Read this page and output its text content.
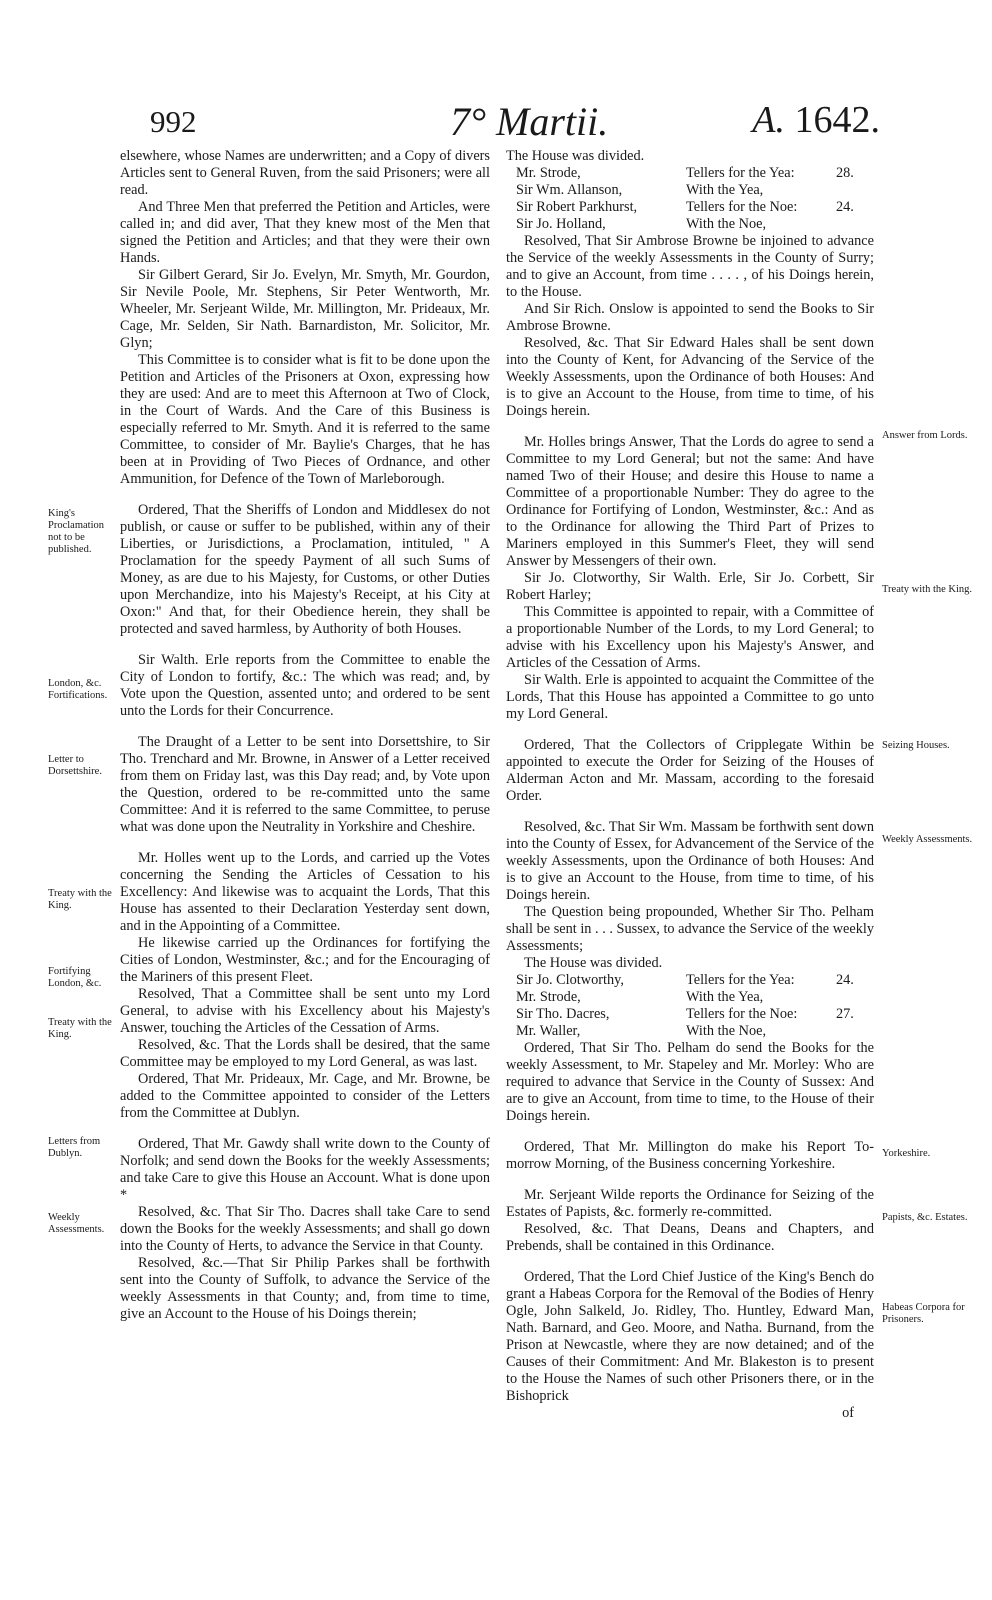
992	7° Martii.	A. 1642.
King's Proclamation not to be published.
London, &c. Fortifications.
Letter to Dorsettshire.
Treaty with the King.
Fortifying London, &c.
Treaty with the King.
Letters from Dublyn.
Weekly Assessments.
Answer from Lords.
Treaty with the King.
Seizing Houses.
Weekly Assessments.
Yorkeshire.
Papists, &c. Estates.
Habeas Corpora for Prisoners.

elsewhere, whose Names are underwritten; and a Copy of divers Articles sent to General Ruven, from the said Prisoners; were all read.

And Three Men that preferred the Petition and Articles, were called in; and did aver, That they knew most of the Men that signed the Petition and Articles; and that they were their own Hands.

Sir Gilbert Gerard, Sir Jo. Evelyn, Mr. Smyth, Mr. Gourdon, Sir Nevile Poole, Mr. Stephens, Sir Peter Wentworth, Mr. Wheeler, Mr. Serjeant Wilde, Mr. Millington, Mr. Prideaux, Mr. Cage, Mr. Selden, Sir Nath. Barnardiston, Mr. Solicitor, Mr. Glyn;

This Committee is to consider what is fit to be done upon the Petition and Articles of the Prisoners at Oxon, expressing how they are used: And are to meet this Afternoon at Two of Clock, in the Court of Wards. And the Care of this Business is especially referred to Mr. Smyth. And it is referred to the same Committee, to consider of Mr. Baylie's Charges, that he has been at in Providing of Two Pieces of Ordnance, and other Ammunition, for Defence of the Town of Marleborough.

Ordered, That the Sheriffs of London and Middlesex do not publish, or cause or suffer to be published, within any of their Liberties, or Jurisdictions, a Proclamation, intituled, " A Proclamation for the speedy Payment of all such Sums of Money, as are due to his Majesty, for Customs, or other Duties upon Merchandize, into his Majesty's Receipt, at his City at Oxon:" And that, for their Obedience herein, they shall be protected and saved harmless, by Authority of both Houses.

Sir Walth. Erle reports from the Committee to enable the City of London to fortify, &c.: The which was read; and, by Vote upon the Question, assented unto; and ordered to be sent unto the Lords for their Concurrence.

The Draught of a Letter to be sent into Dorsettshire, to Sir Tho. Trenchard and Mr. Browne, in Answer of a Letter received from them on Friday last, was this Day read; and, by Vote upon the Question, ordered to be re-committed unto the same Committee: And it is referred to the same Committee, to peruse what was done upon the Neutrality in Yorkshire and Cheshire.

Mr. Holles went up to the Lords, and carried up the Votes concerning the Sending the Articles of Cessation to his Excellency: And likewise was to acquaint the Lords, That this House has assented to their Declaration Yesterday sent down, and in the Appointing of a Committee.

He likewise carried up the Ordinances for fortifying the Cities of London, Westminster, &c.; and for the Encouraging of the Mariners of this present Fleet.

Resolved, That a Committee shall be sent unto my Lord General, to advise with his Excellency about his Majesty's Answer, touching the Articles of the Cessation of Arms.

Resolved, &c. That the Lords shall be desired, that the same Committee may be employed to my Lord General, as was last.

Ordered, That Mr. Prideaux, Mr. Cage, and Mr. Browne, be added to the Committee appointed to consider of the Letters from the Committee at Dublyn.

Ordered, That Mr. Gawdy shall write down to the County of Norfolk; and send down the Books for the weekly Assessments; and take Care to give this House an Account. What is done upon *

Resolved, &c. That Sir Tho. Dacres shall take Care to send down the Books for the weekly Assessments; and shall go down into the County of Herts, to advance the Service in that County.

Resolved, &c.—That Sir Philip Parkes shall be forthwith sent into the County of Suffolk, to advance the Service of the weekly Assessments in that County; and, from time to time, give an Account to the House of his Doings therein;

The House was divided.

Mr. Strode,	Tellers for the Yea:	28.
Sir Wm. Allanson,	With the Yea,
Sir Robert Parkhurst,	Tellers for the Noe:	24.
Sir Jo. Holland,	With the Noe,

Resolved, That Sir Ambrose Browne be injoined to advance the Service of the weekly Assessments in the County of Surry; and to give an Account, from time . . . . , of his Doings herein, to the House.

And Sir Rich. Onslow is appointed to send the Books to Sir Ambrose Browne.

Resolved, &c. That Sir Edward Hales shall be sent down into the County of Kent, for Advancing of the Service of the Weekly Assessments, upon the Ordinance of both Houses: And is to give an Account to the House, from time to time, of his Doings herein.

Mr. Holles brings Answer, That the Lords do agree to send a Committee to my Lord General; but not the same: And have named Two of their House; and desire this House to name a Committee of a proportionable Number: They do agree to the Ordinance for Fortifying of London, Westminster, &c.: And as to the Ordinance for allowing the Third Part of Prizes to Mariners employed in this Summer's Fleet, they will send Answer by Messengers of their own.

Sir Jo. Clotworthy, Sir Walth. Erle, Sir Jo. Corbett, Sir Robert Harley;

This Committee is appointed to repair, with a Committee of a proportionable Number of the Lords, to my Lord General; to advise with his Excellency upon his Majesty's Answer, and Articles of the Cessation of Arms.

Sir Walth. Erle is appointed to acquaint the Committee of the Lords, That this House has appointed a Committee to go unto my Lord General.

Ordered, That the Collectors of Cripplegate Within be appointed to execute the Order for Seizing of the Houses of Alderman Acton and Mr. Massam, according to the foresaid Order.

Resolved, &c. That Sir Wm. Massam be forthwith sent down into the County of Essex, for Advancement of the Service of the weekly Assessments, upon the Ordinance of both Houses: And is to give an Account to the House, from time to time, of his Doings herein.

The Question being propounded, Whether Sir Tho. Pelham shall be sent in . . . Sussex, to advance the Service of the weekly Assessments;

The House was divided.

Sir Jo. Clotworthy,	Tellers for the Yea:	24.
Mr. Strode,	With the Yea,
Sir Tho. Dacres,	Tellers for the Noe:	27.
Mr. Waller,	With the Noe,

Ordered, That Sir Tho. Pelham do send the Books for the weekly Assessment, to Mr. Stapeley and Mr. Morley: Who are required to advance that Service in the County of Sussex: And are to give an Account, from time to time, to the House of their Doings herein.

Ordered, That Mr. Millington do make his Report To-morrow Morning, of the Business concerning Yorkeshire.

Mr. Serjeant Wilde reports the Ordinance for Seizing of the Estates of Papists, &c. formerly re-committed.

Resolved, &c. That Deans, Deans and Chapters, and Prebends, shall be contained in this Ordinance.

Ordered, That the Lord Chief Justice of the King's Bench do grant a Habeas Corpora for the Removal of the Bodies of Henry Ogle, John Salkeld, Jo. Ridley, Tho. Huntley, Edward Man, Nath. Barnard, and Geo. Moore, and Natha. Burnand, from the Prison at Newcastle, where they are now detained; and of the Causes of their Commitment: And Mr. Blakeston is to present to the House the Names of such other Prisoners there, or in the Bishoprick

of
